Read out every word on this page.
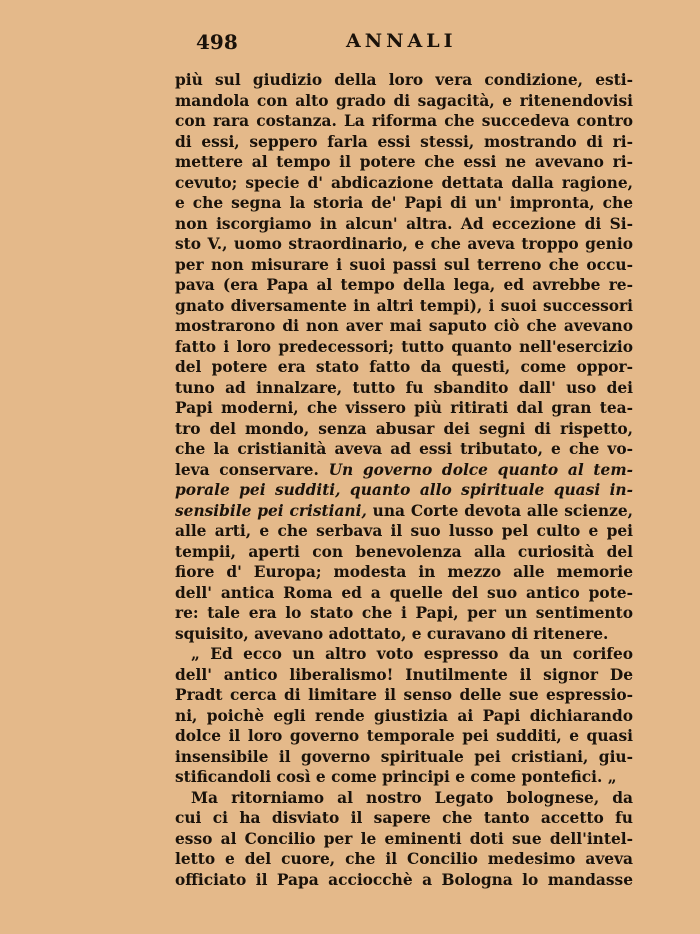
498	ANNALI
più sul giudizio della loro vera condizione, esti-
mandola con alto grado di sagacità, e ritenendovisi
con rara costanza. La riforma che succedeva contro
di essi, seppero farla essi stessi, mostrando di ri-
mettere al tempo il potere che essi ne avevano ri-
cevuto; specie d' abdicazione dettata dalla ragione,
e che segna la storia de' Papi di un' impronta, che
non iscorgiamo in alcun' altra. Ad eccezione di Si-
sto V., uomo straordinario, e che aveva troppo genio
per non misurare i suoi passi sul terreno che occu-
pava (era Papa al tempo della lega, ed avrebbe re-
gnato diversamente in altri tempi), i suoi successori
mostrarono di non aver mai saputo ciò che avevano
fatto i loro predecessori; tutto quanto nell'esercizio
del potere era stato fatto da questi, come oppor-
tuno ad innalzare, tutto fu sbandito dall' uso dei
Papi moderni, che vissero più ritirati dal gran tea-
tro del mondo, senza abusar dei segni di rispetto,
che la cristianità aveva ad essi tributato, e che vo-
leva conservare. Un governo dolce quanto al tem-
porale pei sudditi, quanto allo spirituale quasi in-
sensibile pei cristiani, una Corte devota alle scienze,
alle arti, e che serbava il suo lusso pel culto e pei
tempii, aperti con benevolenza alla curiosità del
fiore d' Europa; modesta in mezzo alle memorie
dell' antica Roma ed a quelle del suo antico pote-
re: tale era lo stato che i Papi, per un sentimento
squisito, avevano adottato, e curavano di ritenere.
„ Ed ecco un altro voto espresso da un corifeo
dell' antico liberalismo! Inutilmente il signor De
Pradt cerca di limitare il senso delle sue espressio-
ni, poichè egli rende giustizia ai Papi dichiarando
dolce il loro governo temporale pei sudditi, e quasi
insensibile il governo spirituale pei cristiani, giu-
stificandoli così e come principi e come pontefici. „
Ma ritorniamo al nostro Legato bolognese, da
cui ci ha disviato il sapere che tanto accetto fu
esso al Concilio per le eminenti doti sue dell'intel-
letto e del cuore, che il Concilio medesimo aveva
officiato il Papa acciocchè a Bologna lo mandasse
